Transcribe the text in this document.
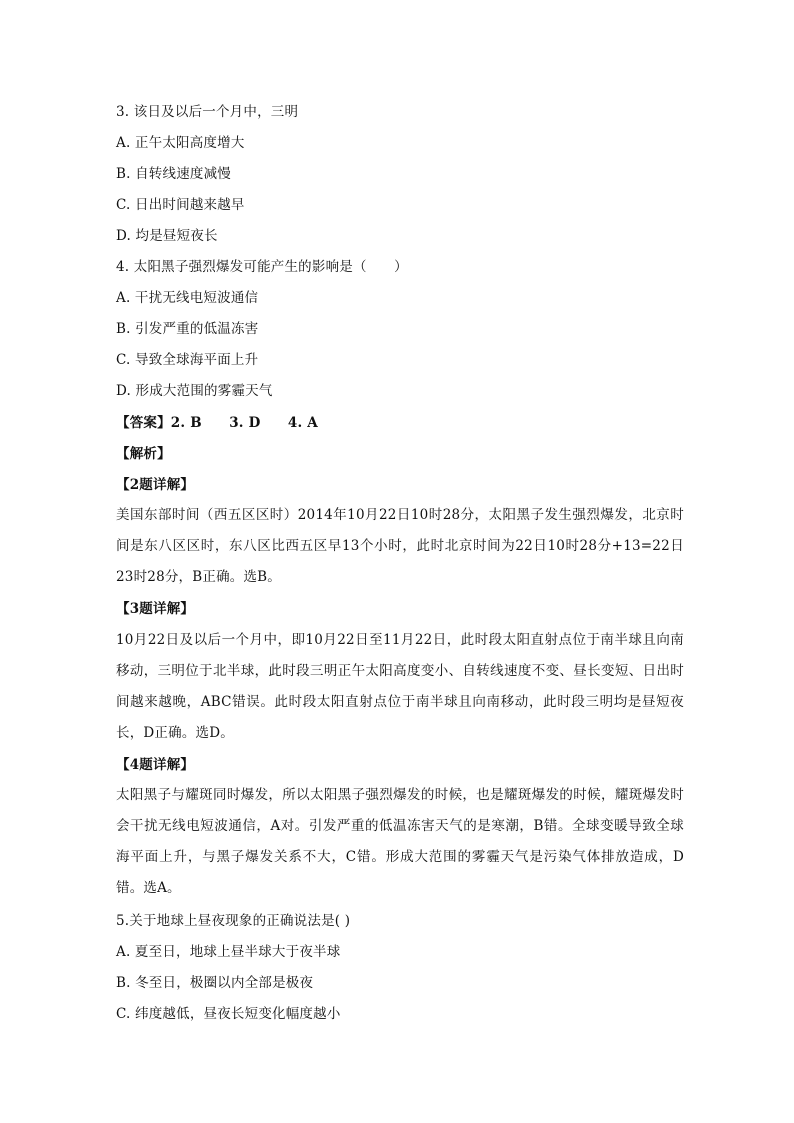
3. 该日及以后一个月中，三明
A. 正午太阳高度增大
B. 自转线速度减慢
C. 日出时间越来越早
D. 均是昼短夜长
4. 太阳黑子强烈爆发可能产生的影响是（　　）
A. 干扰无线电短波通信
B. 引发严重的低温冻害
C. 导致全球海平面上升
D. 形成大范围的雾霾天气
【答案】2. B　　3. D　　4. A
【解析】
【2题详解】
美国东部时间（西五区区时）2014年10月22日10时28分，太阳黑子发生强烈爆发，北京时间是东八区区时，东八区比西五区早13个小时，此时北京时间为22日10时28分+13=22日23时28分，B正确。选B。
【3题详解】
10月22日及以后一个月中，即10月22日至11月22日，此时段太阳直射点位于南半球且向南移动，三明位于北半球，此时段三明正午太阳高度变小、自转线速度不变、昼长变短、日出时间越来越晚，ABC错误。此时段太阳直射点位于南半球且向南移动，此时段三明均是昼短夜长，D正确。选D。
【4题详解】
太阳黑子与耀斑同时爆发，所以太阳黑子强烈爆发的时候，也是耀斑爆发的时候，耀斑爆发时会干扰无线电短波通信，A对。引发严重的低温冻害天气的是寒潮，B错。全球变暖导致全球海平面上升，与黑子爆发关系不大，C错。形成大范围的雾霾天气是污染气体排放造成，D错。选A。
5.关于地球上昼夜现象的正确说法是( )
A. 夏至日，地球上昼半球大于夜半球
B. 冬至日，极圈以内全部是极夜
C. 纬度越低，昼夜长短变化幅度越小
